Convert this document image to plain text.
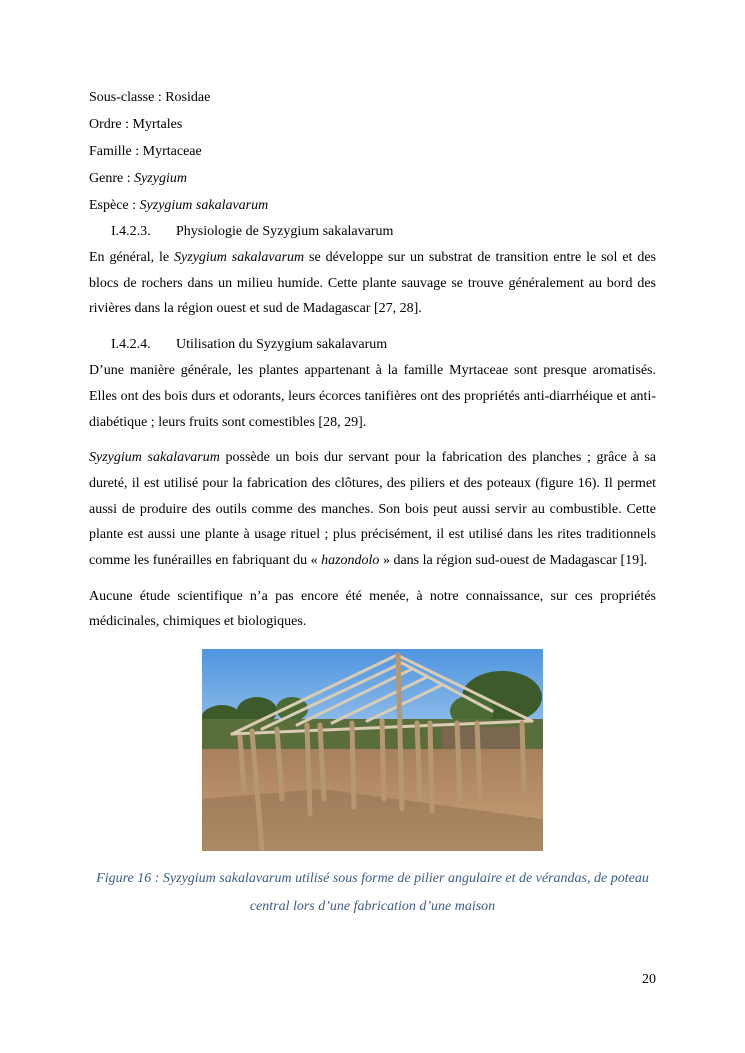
Sous-classe : Rosidae

Ordre : Myrtales

Famille : Myrtaceae

Genre : Syzygium

Espèce : Syzygium sakalavarum

I.4.2.3. Physiologie de Syzygium sakalavarum

En général, le Syzygium sakalavarum se développe sur un substrat de transition entre le sol et des blocs de rochers dans un milieu humide. Cette plante sauvage se trouve généralement au bord des rivières dans la région ouest et sud de Madagascar [27, 28].

I.4.2.4. Utilisation du Syzygium sakalavarum

D’une manière générale, les plantes appartenant à la famille Myrtaceae sont presque aromatisés. Elles ont des bois durs et odorants, leurs écorces tanifières ont des propriétés anti-diarrhéique et anti-diabétique ; leurs fruits sont comestibles [28, 29].

Syzygium sakalavarum possède un bois dur servant pour la fabrication des planches ; grâce à sa dureté, il est utilisé pour la fabrication des clôtures, des piliers et des poteaux (figure 16). Il permet aussi de produire des outils comme des manches. Son bois peut aussi servir au combustible. Cette plante est aussi une plante à usage rituel ; plus précisément, il est utilisé dans les rites traditionnels comme les funérailles en fabriquant du « hazondolo » dans la région sud-ouest de Madagascar [19].

Aucune étude scientifique n’a pas encore été menée, à notre connaissance, sur ces propriétés médicinales, chimiques et biologiques.

Figure 16 : Syzygium sakalavarum utilisé sous forme de pilier angulaire et de vérandas, de poteau central lors d’une fabrication d’une maison
20
